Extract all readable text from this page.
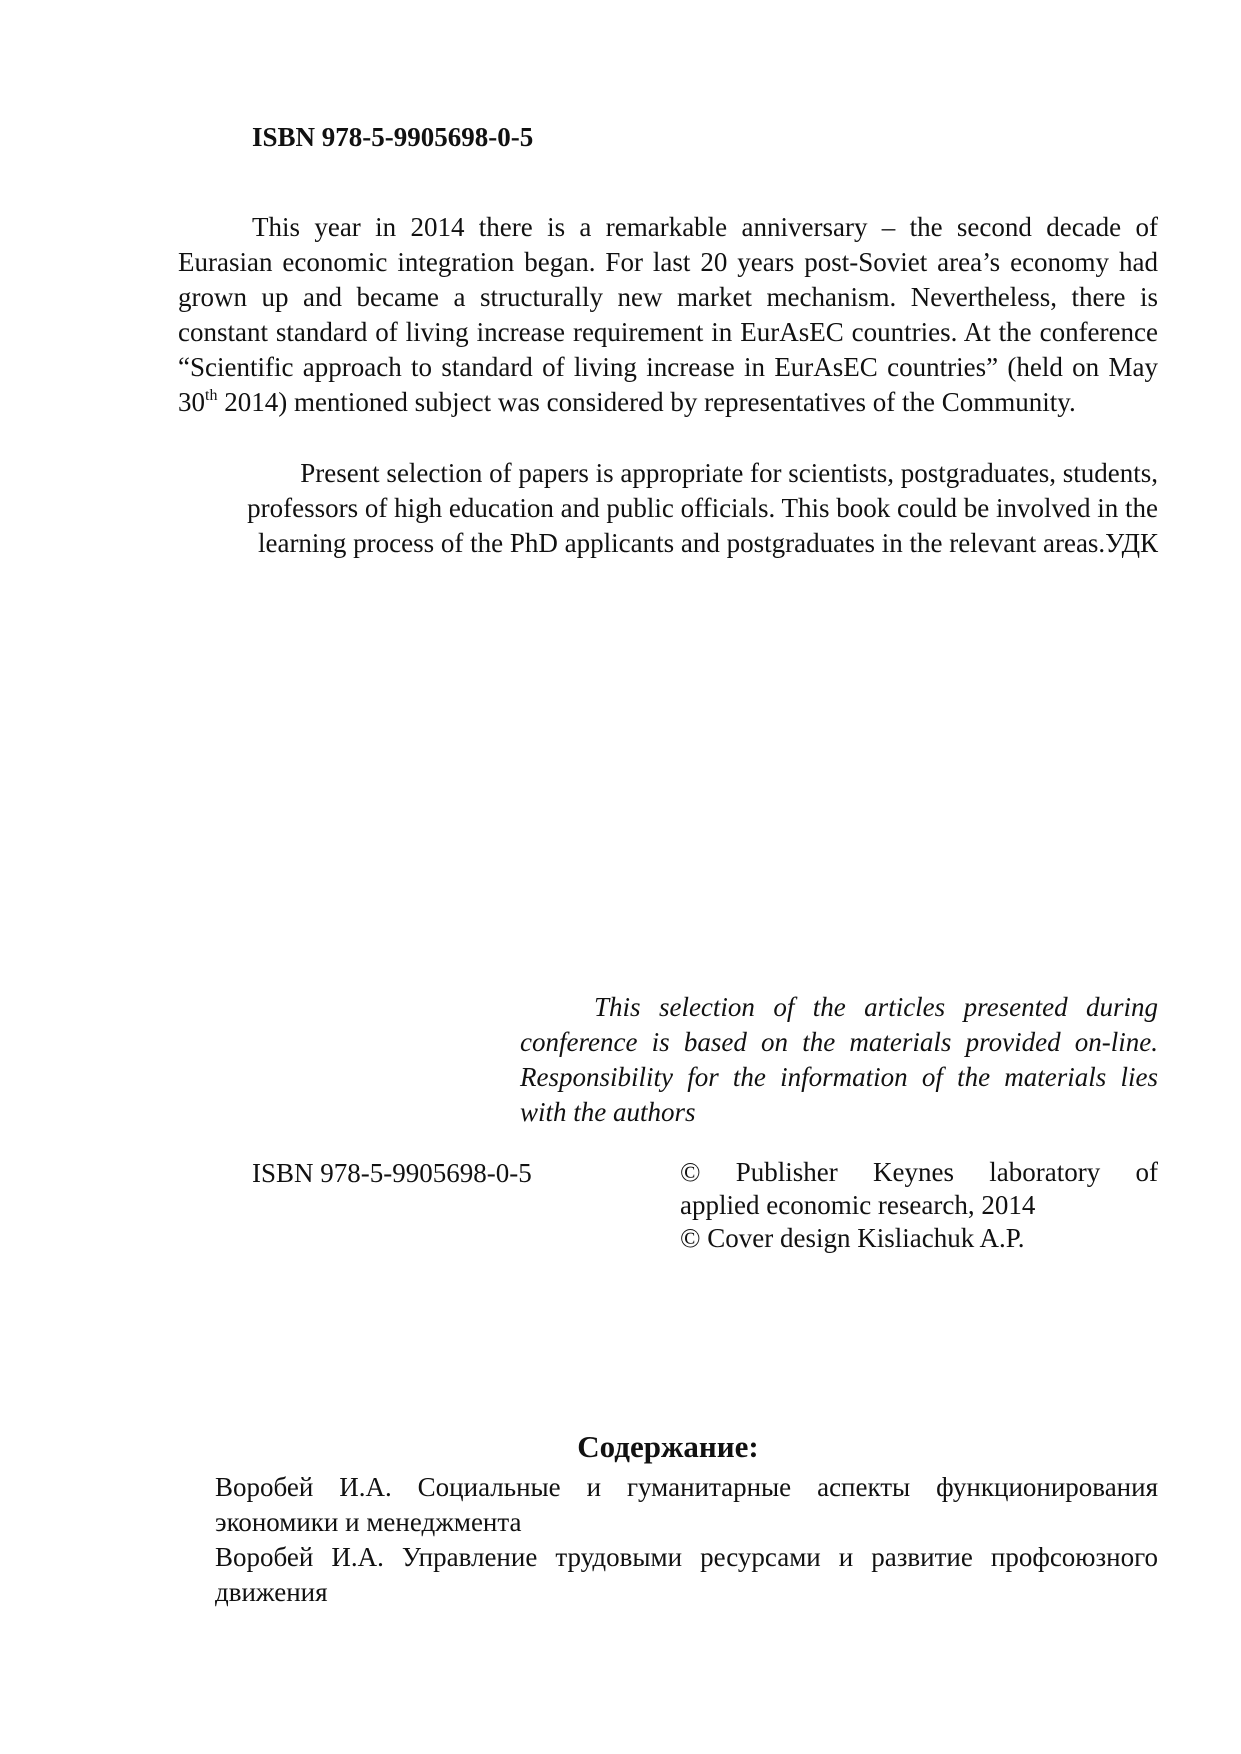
ISBN 978-5-9905698-0-5

This year in 2014 there is a remarkable anniversary – the second decade of Eurasian economic integration began. For last 20 years post-Soviet area’s economy had grown up and became a structurally new market mechanism. Nevertheless, there is constant standard of living increase requirement in EurAsEC countries. At the conference “Scientific approach to standard of living increase in EurAsEC countries” (held on May 30th 2014) mentioned subject was considered by representatives of the Community.

Present selection of papers is appropriate for scientists, postgraduates, students, professors of high education and public officials. This book could be involved in the learning process of the PhD applicants and postgraduates in the relevant areas.УДК

This selection of the articles presented during conference is based on the materials provided on-line. Responsibility for the information of the materials lies with the authors

ISBN 978-5-9905698-0-5	© Publisher Keynes laboratory of
applied economic research, 2014
© Cover design Kisliachuk A.P.
Содержание:

Воробей И.А. Социальные и гуманитарные аспекты функционирования экономики и менеджмента

Воробей И.А. Управление трудовыми ресурсами и развитие профсоюзного движения
